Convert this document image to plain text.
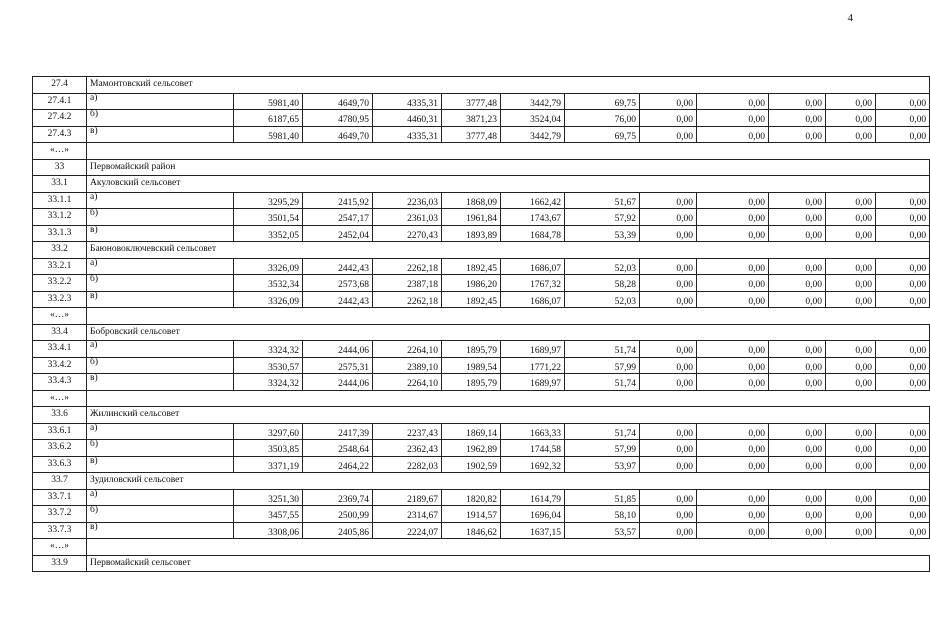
4
27.4	Мамонтовский сельсовет											
27.4.1	а)	5981,40	4649,70	4335,31	3777,48	3442,79	69,75	0,00	0,00	0,00	0,00	0,00
27.4.2	б)	6187,65	4780,95	4460,31	3871,23	3524,04	76,00	0,00	0,00	0,00	0,00	0,00
27.4.3	в)	5981,40	4649,70	4335,31	3777,48	3442,79	69,75	0,00	0,00	0,00	0,00	0,00
«…»												
33	Первомайский район											
33.1	Акуловский сельсовет											
33.1.1	а)	3295,29	2415,92	2236,03	1868,09	1662,42	51,67	0,00	0,00	0,00	0,00	0,00
33.1.2	б)	3501,54	2547,17	2361,03	1961,84	1743,67	57,92	0,00	0,00	0,00	0,00	0,00
33.1.3	в)	3352,05	2452,04	2270,43	1893,89	1684,78	53,39	0,00	0,00	0,00	0,00	0,00
33.2	Баюновоключевский сельсовет											
33.2.1	а)	3326,09	2442,43	2262,18	1892,45	1686,07	52,03	0,00	0,00	0,00	0,00	0,00
33.2.2	б)	3532,34	2573,68	2387,18	1986,20	1767,32	58,28	0,00	0,00	0,00	0,00	0,00
33.2.3	в)	3326,09	2442,43	2262,18	1892,45	1686,07	52,03	0,00	0,00	0,00	0,00	0,00
«…»												
33.4	Бобровский сельсовет											
33.4.1	а)	3324,32	2444,06	2264,10	1895,79	1689,97	51,74	0,00	0,00	0,00	0,00	0,00
33.4.2	б)	3530,57	2575,31	2389,10	1989,54	1771,22	57,99	0,00	0,00	0,00	0,00	0,00
33.4.3	в)	3324,32	2444,06	2264,10	1895,79	1689,97	51,74	0,00	0,00	0,00	0,00	0,00
«…»												
33.6	Жилинский сельсовет											
33.6.1	а)	3297,60	2417,39	2237,43	1869,14	1663,33	51,74	0,00	0,00	0,00	0,00	0,00
33.6.2	б)	3503,85	2548,64	2362,43	1962,89	1744,58	57,99	0,00	0,00	0,00	0,00	0,00
33.6.3	в)	3371,19	2464,22	2282,03	1902,59	1692,32	53,97	0,00	0,00	0,00	0,00	0,00
33.7	Зудиловский сельсовет											
33.7.1	а)	3251,30	2369,74	2189,67	1820,82	1614,79	51,85	0,00	0,00	0,00	0,00	0,00
33.7.2	б)	3457,55	2500,99	2314,67	1914,57	1696,04	58,10	0,00	0,00	0,00	0,00	0,00
33.7.3	в)	3308,06	2405,86	2224,07	1846,62	1637,15	53,57	0,00	0,00	0,00	0,00	0,00
«…»												
33.9	Первомайский сельсовет											
